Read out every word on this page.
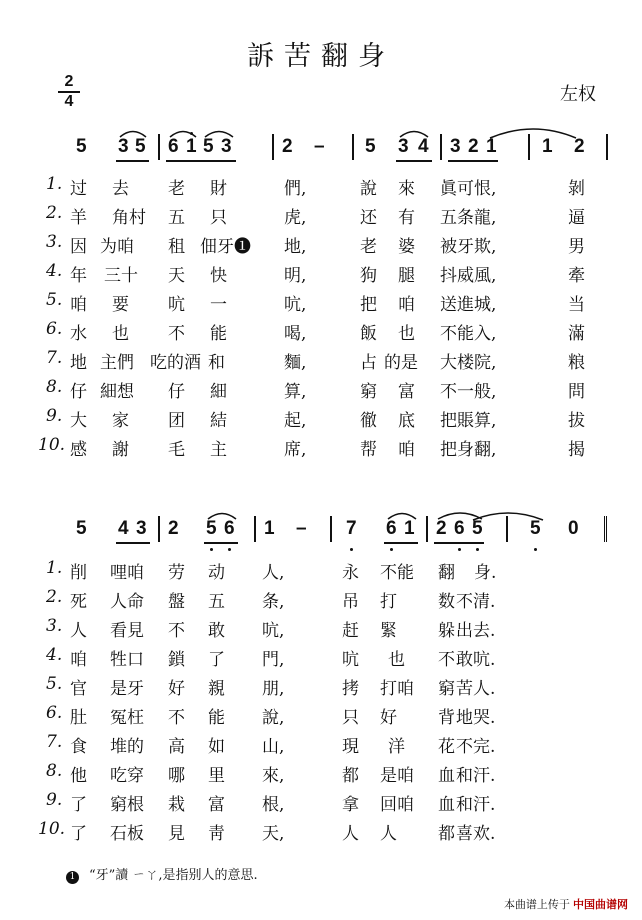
訴苦翻身
2
4	左权
5 3 5 6 1 5 3	2 – 5 3 4 3 2 1 1 2
1. 过 去 老 財	們,	說 來 眞可恨,	剝
2. 羊 角村 五 只	虎,	还 有 五条龍,	逼
3. 因 为咱 租 佃牙❶ 地,	老 婆 被牙欺,	男
4. 年 三十 天 快	明,	狗 腿 抖威風,	牽
5. 咱 要 吭 一	吭,	把 咱 送進城,	当
6. 水 也 不 能	喝,	飯 也 不能入,	滿
7. 地 主們 吃的酒 和	麵,	占 的是 大楼院,	粮
8. 仔 細想 仔 細	算,	窮 富 不一般,	問
9. 大 家 团 結	起,	徹 底 把賬算,	拔
10. 感 謝 毛 主	席,	帮 咱 把身翻,	揭
5 4 3 2 5 6 1 – 7 6 1 2 6 5 5 0
1. 削 哩咱 劳 动 人,	永 不能 翻 身.
2. 死 人命 盤 五 条,	吊 打 数 不清.
3. 人 看見 不 敢 吭,	赶 緊 躲 出去.
4. 咱 牲口 鎖 了 門,	吭 也 不 敢吭.
5. 官 是牙 好 親 朋,	拷 打咱 窮 苦人.
6. 肚 冤枉 不 能 說,	只 好 背 地哭.
7. 食 堆的 高 如 山,	現 洋 花 不完.
8. 他 吃穿 哪 里 來,	都 是咱 血 和汗.
9. 了 窮根 栽 富 根,	拿 回咱 血 和汗.
10. 了 石板 見 靑 天,	人 人 都 喜欢.
1 “牙”讀 ㄧㄚ,是指别人的意思.
本曲谱上传于 中国曲谱网
